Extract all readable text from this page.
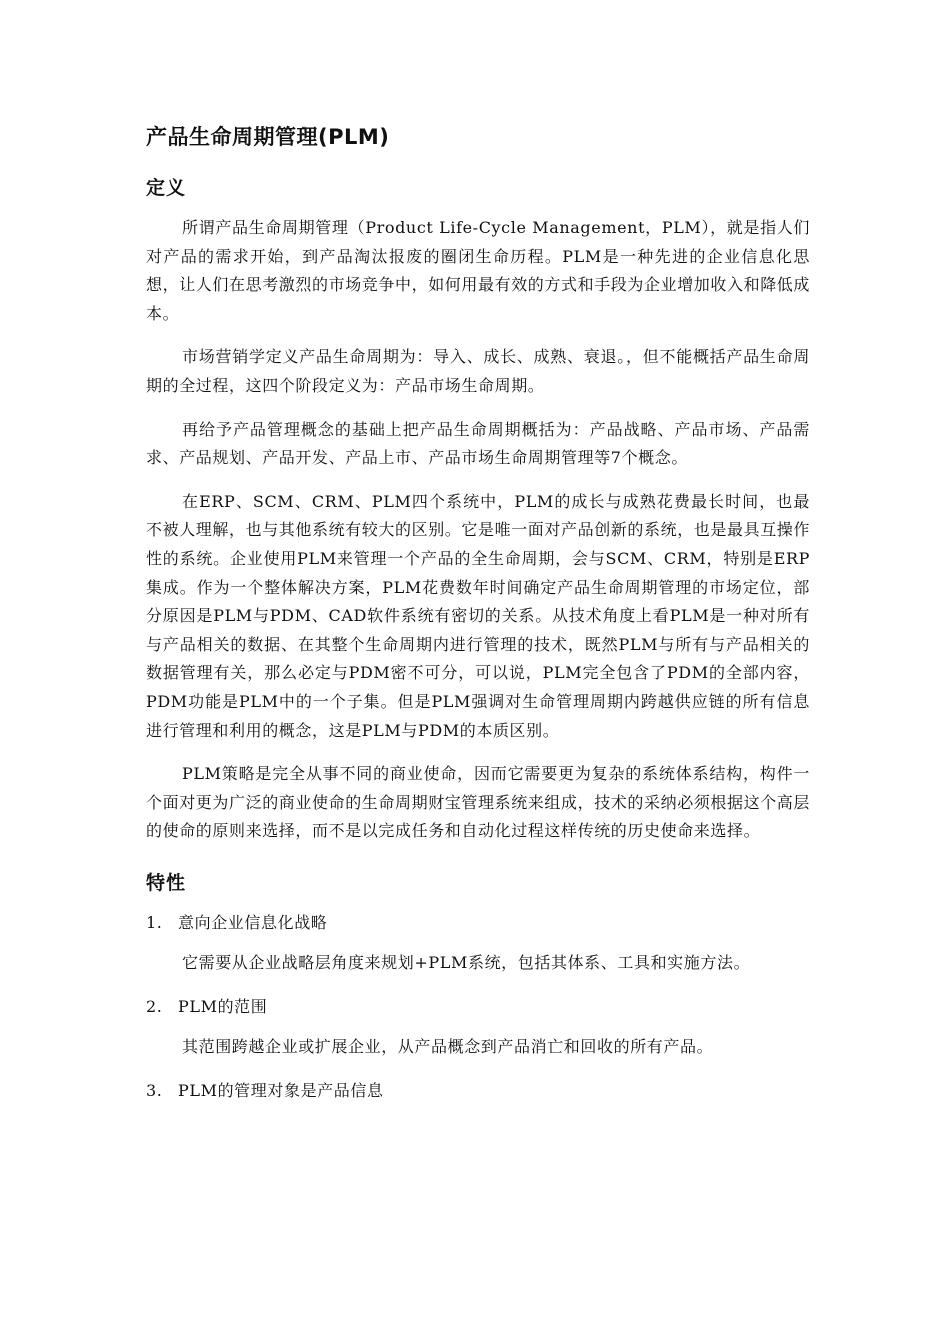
产品生命周期管理(PLM)
定义

所谓产品生命周期管理（Product Life-Cycle Management，PLM），就是指人们对产品的需求开始，到产品淘汰报废的圈闭生命历程。PLM是一种先进的企业信息化思想，让人们在思考激烈的市场竞争中，如何用最有效的方式和手段为企业增加收入和降低成本。

市场营销学定义产品生命周期为：导入、成长、成熟、衰退。，但不能概括产品生命周期的全过程，这四个阶段定义为：产品市场生命周期。

再给予产品管理概念的基础上把产品生命周期概括为：产品战略、产品市场、产品需求、产品规划、产品开发、产品上市、产品市场生命周期管理等7个概念。

在ERP、SCM、CRM、PLM四个系统中，PLM的成长与成熟花费最长时间，也最不被人理解，也与其他系统有较大的区别。它是唯一面对产品创新的系统，也是最具互操作性的系统。企业使用PLM来管理一个产品的全生命周期，会与SCM、CRM，特别是ERP集成。作为一个整体解决方案，PLM花费数年时间确定产品生命周期管理的市场定位，部分原因是PLM与PDM、CAD软件系统有密切的关系。从技术角度上看PLM是一种对所有与产品相关的数据、在其整个生命周期内进行管理的技术，既然PLM与所有与产品相关的数据管理有关，那么必定与PDM密不可分，可以说，PLM完全包含了PDM的全部内容，PDM功能是PLM中的一个子集。但是PLM强调对生命管理周期内跨越供应链的所有信息进行管理和利用的概念，这是PLM与PDM的本质区别。

PLM策略是完全从事不同的商业使命，因而它需要更为复杂的系统体系结构，构件一个面对更为广泛的商业使命的生命周期财宝管理系统来组成，技术的采纳必须根据这个高层的使命的原则来选择，而不是以完成任务和自动化过程这样传统的历史使命来选择。

特性
1. 意向企业信息化战略
它需要从企业战略层角度来规划+PLM系统，包括其体系、工具和实施方法。
2. PLM的范围
其范围跨越企业或扩展企业，从产品概念到产品消亡和回收的所有产品。
3. PLM的管理对象是产品信息
